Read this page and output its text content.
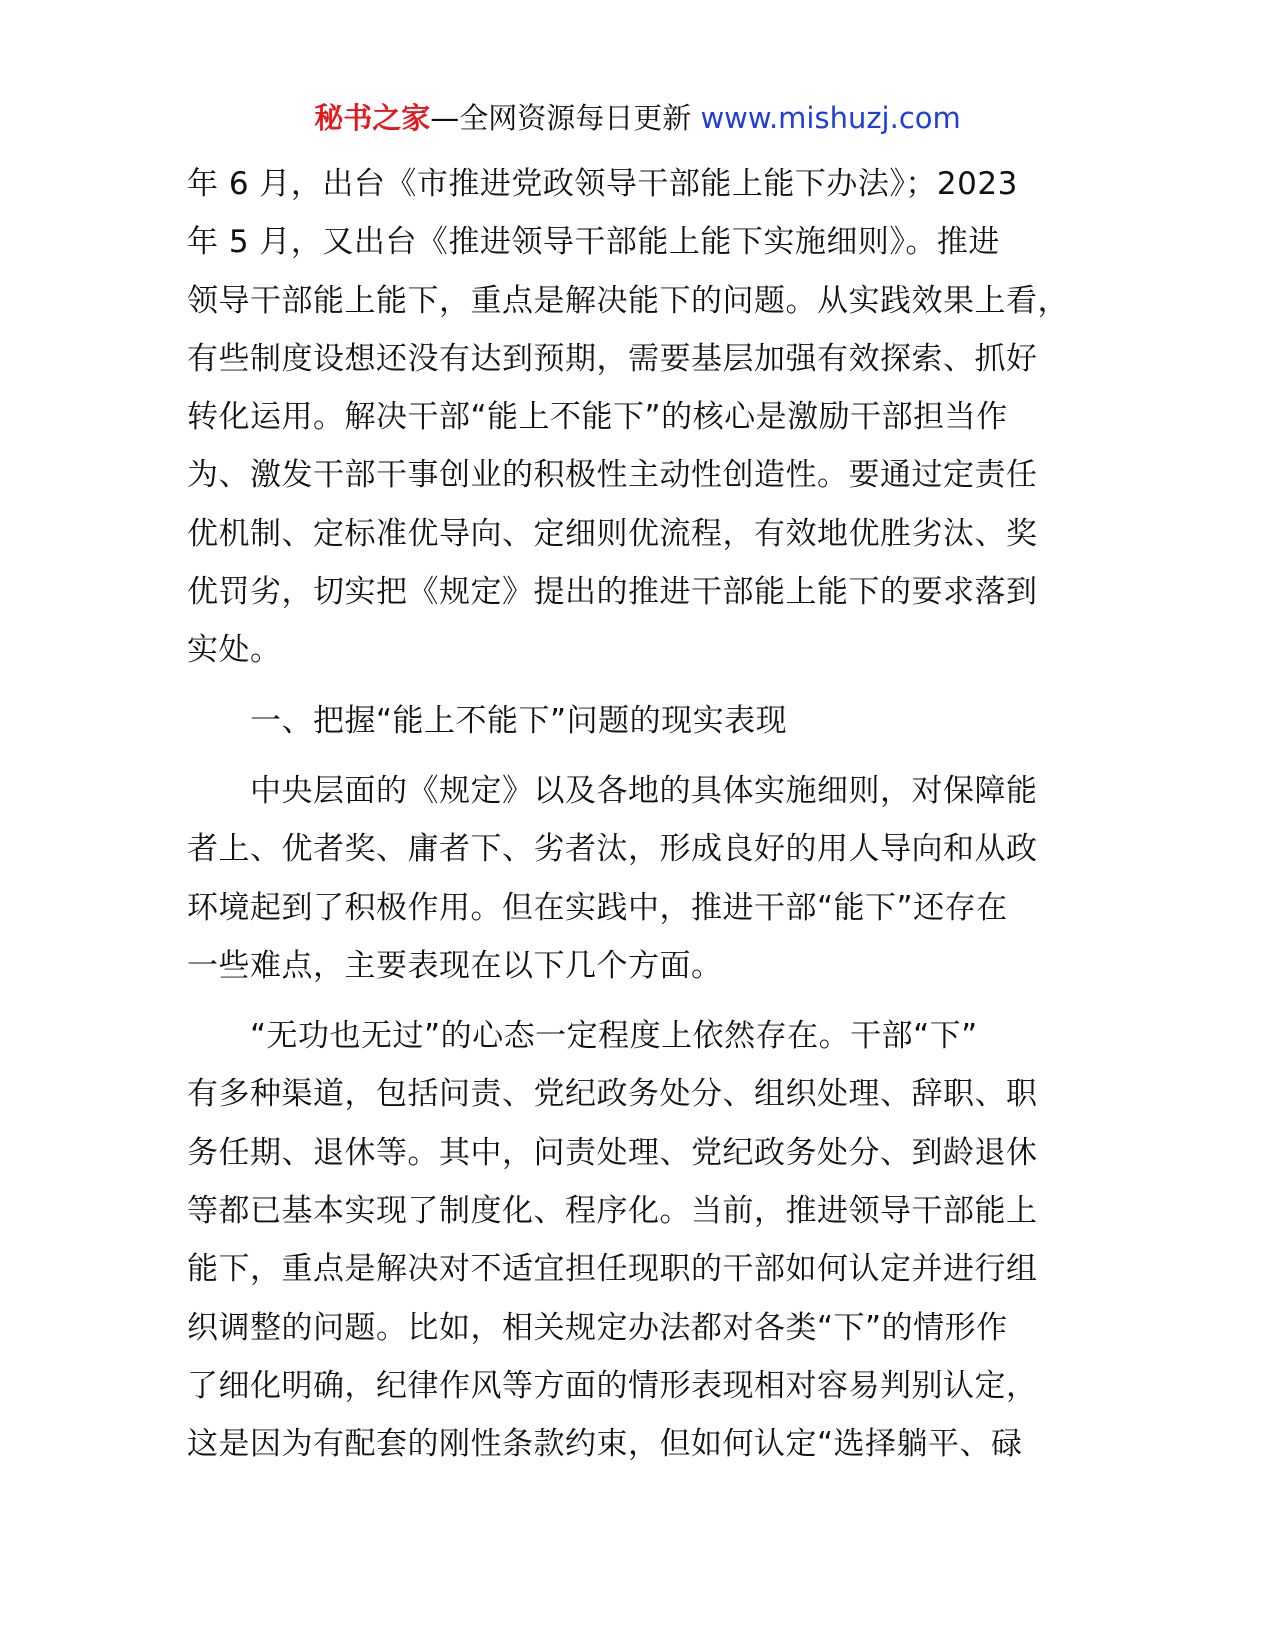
秘书之家—全网资源每日更新 www.mishuzj.com
年 6 月，出台《市推进党政领导干部能上能下办法》；2023
年 5 月，又出台《推进领导干部能上能下实施细则》。推进
领导干部能上能下，重点是解决能下的问题。从实践效果上看，
有些制度设想还没有达到预期，需要基层加强有效探索、抓好
转化运用。解决干部“能上不能下”的核心是激励干部担当作
为、激发干部干事创业的积极性主动性创造性。要通过定责任
优机制、定标准优导向、定细则优流程，有效地优胜劣汰、奖
优罚劣，切实把《规定》提出的推进干部能上能下的要求落到
实处。
　　一、把握“能上不能下”问题的现实表现
　　中央层面的《规定》以及各地的具体实施细则，对保障能
者上、优者奖、庸者下、劣者汰，形成良好的用人导向和从政
环境起到了积极作用。但在实践中，推进干部“能下”还存在
一些难点，主要表现在以下几个方面。
　　“无功也无过”的心态一定程度上依然存在。干部“下”
有多种渠道，包括问责、党纪政务处分、组织处理、辞职、职
务任期、退休等。其中，问责处理、党纪政务处分、到龄退休
等都已基本实现了制度化、程序化。当前，推进领导干部能上
能下，重点是解决对不适宜担任现职的干部如何认定并进行组
织调整的问题。比如，相关规定办法都对各类“下”的情形作
了细化明确，纪律作风等方面的情形表现相对容易判别认定，
这是因为有配套的刚性条款约束，但如何认定“选择躺平、碌
